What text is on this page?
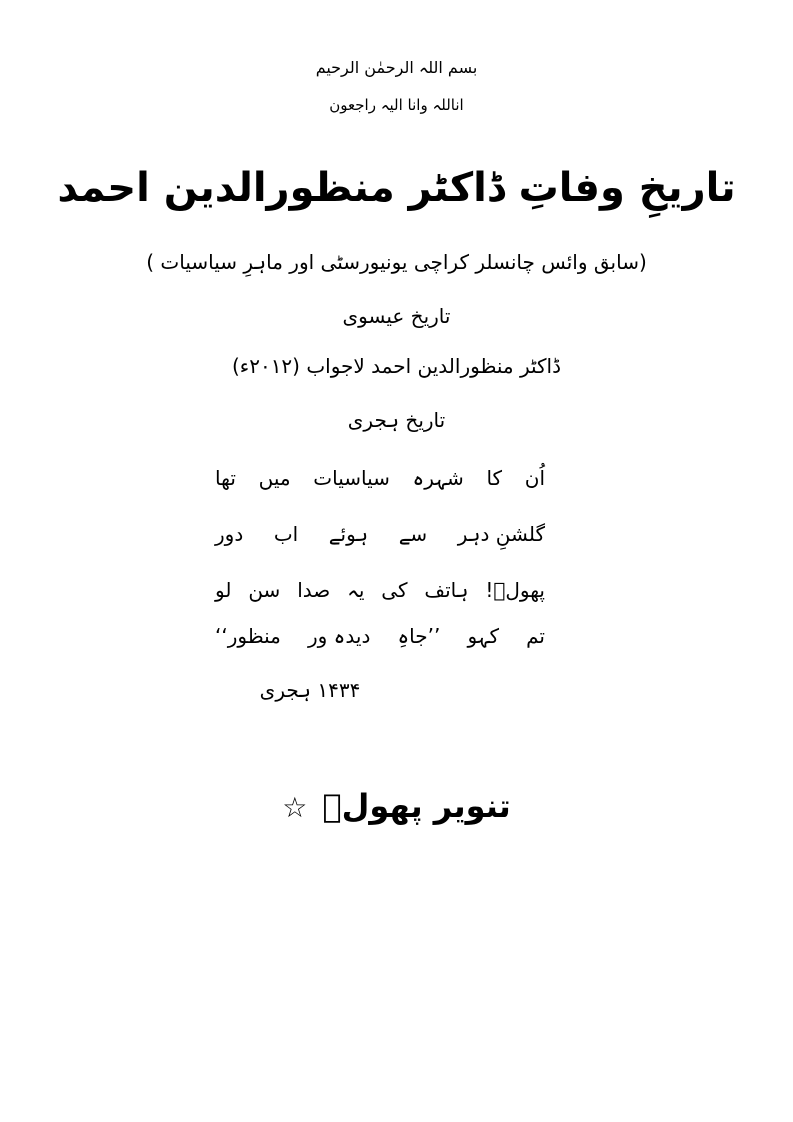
بسم اللہ الرحمٰن الرحیم
اناللہ وانا الیہ راجعون
تاریخِ وفاتِ ڈاکٹر منظورالدین احمد
(سابق وائس چانسلر کراچی یونیورسٹی اور ماہرِ سیاسیات )
تاریخ عیسوی
ڈاکٹر منظورالدین احمد لاجواب (۲۰۱۲ء)
تاریخ ہجری
اُن
کا
شہرہ
سیاسیات
میں
تھا
گلشنِ دہر
سے
ہوئے
اب
دور
پھولؔ!
ہاتف
کی
یہ
صدا
سن
لو
تم
کہو
’’جاہِ
دیدہ ور
منظور‘‘
۱۴۳۴ ہجری
تنویر پھولؔ ☆
